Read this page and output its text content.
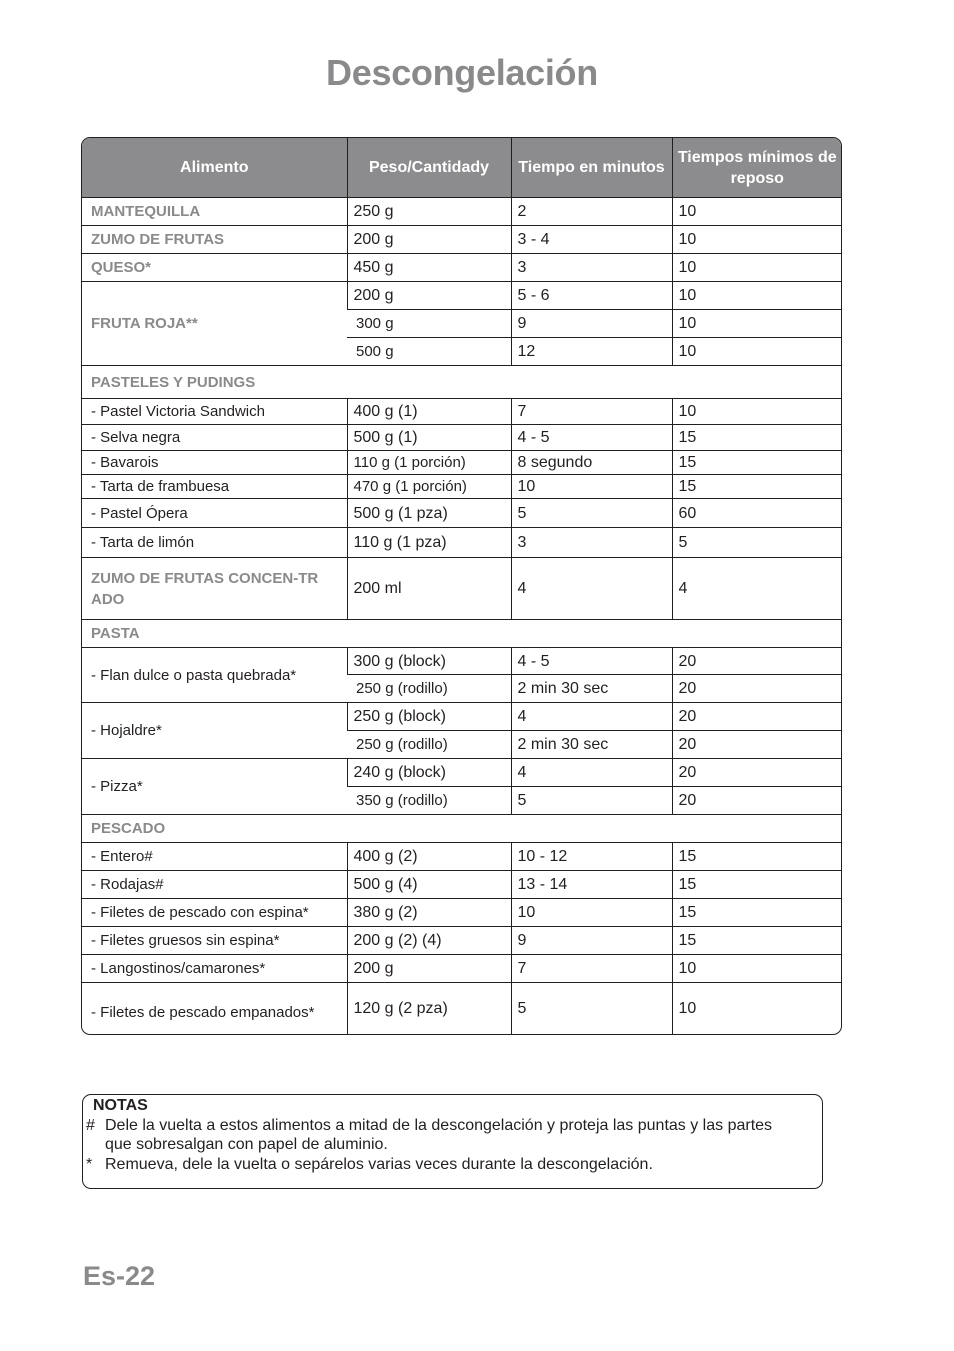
Descongelación
Alimento	Peso/Cantidady	Tiempo en minutos	Tiempos mínimos de reposo
MANTEQUILLA	250 g	2	10
ZUMO DE FRUTAS	200 g	3 - 4	10
QUESO*	450 g	3	10
FRUTA ROJA**	200 g	5 - 6	10
	300 g	9	10
	500 g	12	10
PASTELES Y PUDINGS			
- Pastel Victoria Sandwich	400 g (1)	7	10
- Selva negra	500 g (1)	4 - 5	15
- Bavarois	110 g (1 porción)	8 segundo	15
- Tarta de frambuesa	470 g (1 porción)	10	15
- Pastel Ópera	500 g (1 pza)	5	60
- Tarta de limón	110 g (1 pza)	3	5

ZUMO DE FRUTAS CONCEN-TRADO	200 ml	4	4
PASTA			
- Flan dulce o pasta quebrada*	300 g (block)	4 - 5	20
	250 g (rodillo)	2 min 30 sec	20
- Hojaldre*	250 g (block)	4	20
	250 g (rodillo)	2 min 30 sec	20
- Pizza*	240 g (block)	4	20
	350 g (rodillo)	5	20
PESCADO			
- Entero#	400 g (2)	10 - 12	15
- Rodajas#	500 g (4)	13 - 14	15
- Filetes de pescado con espina*	380 g (2)	10	15
- Filetes gruesos sin espina*	200 g (2) (4)	9	15
- Langostinos/camarones*	200 g	7	10
- Filetes de pescado empanados*	120 g (2 pza)	5	10
NOTAS
# Dele la vuelta a estos alimentos a mitad de la descongelación y proteja las puntas y las partes que sobresalgan con papel de aluminio.
* Remueva, dele la vuelta o sepárelos varias veces durante la descongelación.
Es-22
